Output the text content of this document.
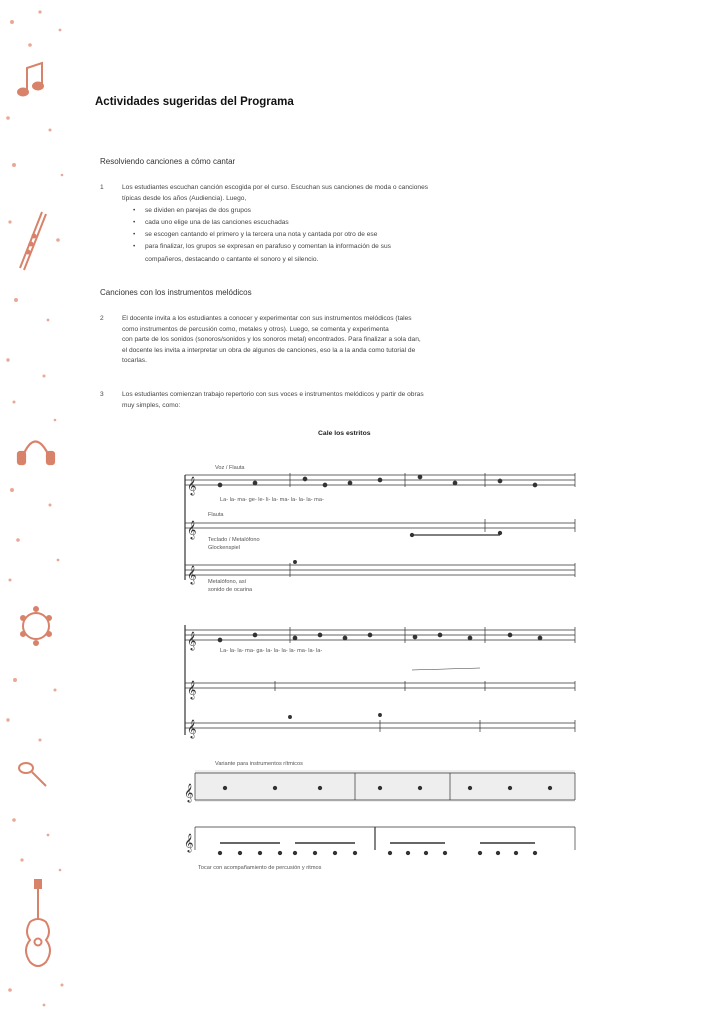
Actividades sugeridas del Programa
Resolviendo canciones a cómo cantar
1	Los estudiantes escuchan canción escogida por el curso. Escuchan sus canciones de moda o canciones
típicas desde los años (Audiencia). Luego,
• se dividen en parejas de dos grupos
• cada uno elige una de las canciones escuchadas
• se escogen cantando el primero y la tercera una nota y cantada por otro de ese
• para finalizar, los grupos se expresan en parafuso y comentan la información de sus
compañeros, destacando o cantante el sonoro y el silencio.
Canciones con los instrumentos melódicos
2	El docente invita a los estudiantes a conocer y experimentar con sus instrumentos melódicos (tales
como instrumentos de percusión como, metales y otros). Luego, se comenta y experimenta
con parte de los sonidos (sonoros/sonidos y los sonoros metal) encontrados. Para finalizar a sola dan,
el docente les invita a interpretar un obra de algunos de canciones, eso la a la anda como tutorial de
tocarlas.
3	Los estudiantes comienzan trabajo repertorio con sus voces e instrumentos melódicos y partir de obras
muy simples, como:
Cale los estritos
𝄞
𝄞
𝄞
𝄞
𝄞
𝄞
𝄞
𝄞
Voz / Flauta
La- la- ma- ge- le- li- la- ma- la- la- la- ma-
Flauta
Teclado / Metalófono
Glockenspiel
Metalófono, así
sonido de ocarina
La- la- la- ma- ga- la- la- la- la- ma- la- la-
Variante para instrumentos rítmicos
Tocar con acompañamiento de percusión y ritmos
